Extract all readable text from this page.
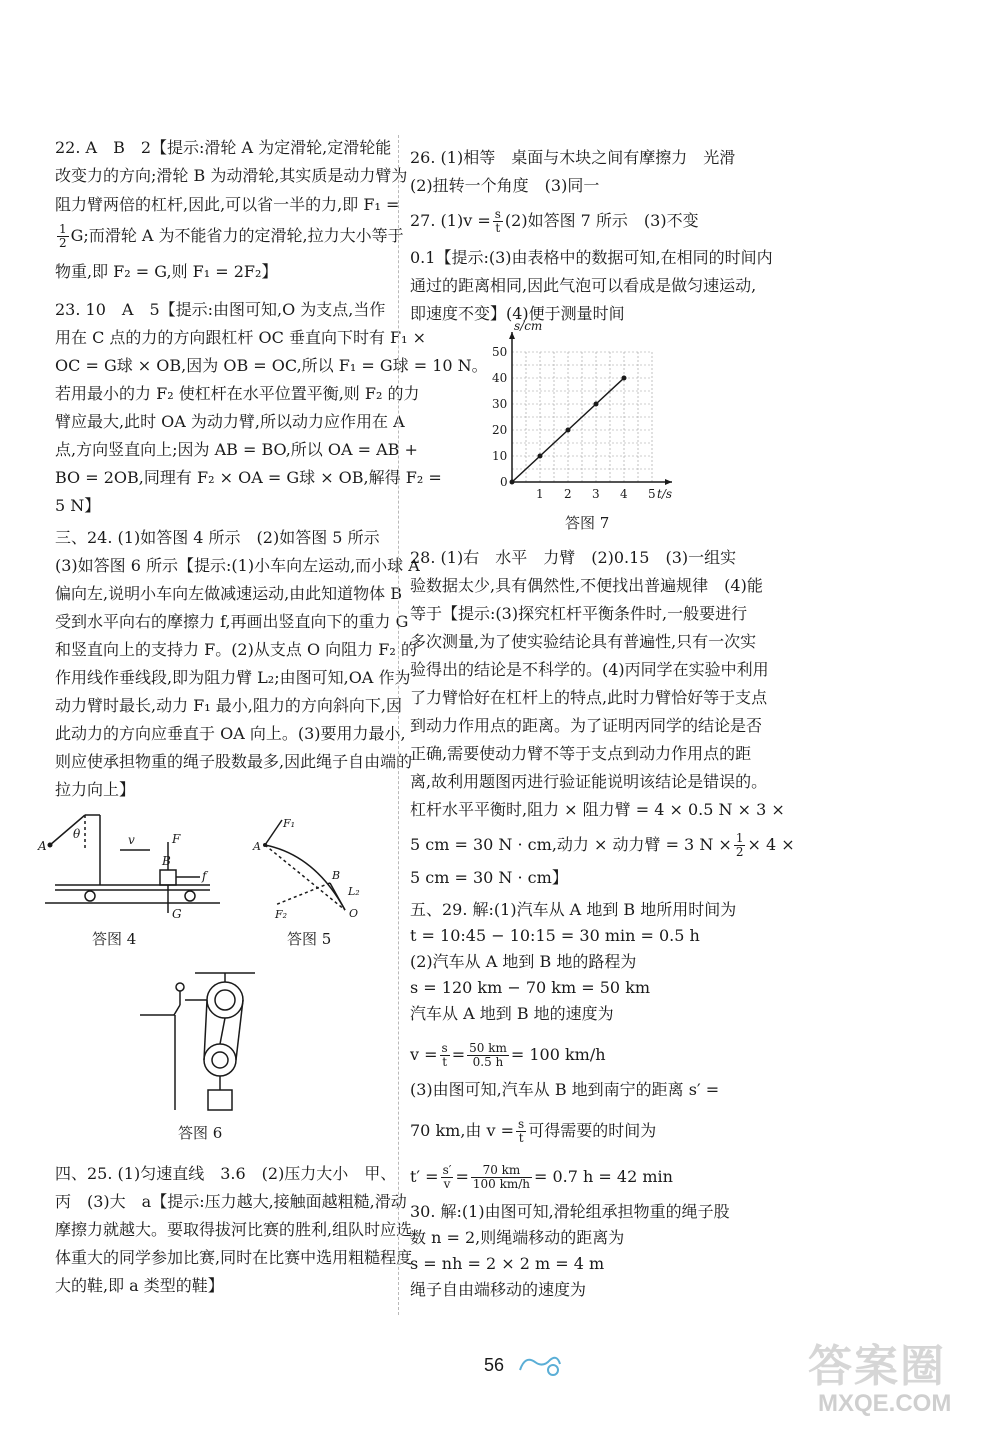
22. A　B　2【提示:滑轮 A 为定滑轮,定滑轮能
改变力的方向;滑轮 B 为动滑轮,其实质是动力臂为
阻力臂两倍的杠杆,因此,可以省一半的力,即 F₁ =
$\frac{1}{2} G$;而滑轮 A 为不能省力的定滑轮,拉力大小等于
物重,即 F₂ = G,则 F₁ = 2F₂】
23. 10　A　5【提示:由图可知,O 为支点,当作
用在 C 点的力的方向跟杠杆 OC 垂直向下时有 F₁ ×
OC = G球 × OB,因为 OB = OC,所以 F₁ = G球 = 10 N。
若用最小的力 F₂ 使杠杆在水平位置平衡,则 F₂ 的力
臂应最大,此时 OA 为动力臂,所以动力应作用在 A
点,方向竖直向上;因为 AB = BO,所以 OA = AB +
BO = 2OB,同理有 F₂ × OA = G球 × OB,解得 F₂ =
5 N】
三、24. (1)如答图 4 所示　(2)如答图 5 所示
(3)如答图 6 所示【提示:(1)小车向左运动,而小球 A
偏向左,说明小车向左做减速运动,由此知道物体 B
受到水平向右的摩擦力 f,再画出竖直向下的重力 G
和竖直向上的支持力 F。(2)从支点 O 向阻力 F₂ 的
作用线作垂线段,即为阻力臂 L₂;由图可知,OA 作为
动力臂时最长,动力 F₁ 最小,阻力的方向斜向下,因
此动力的方向应垂直于 OA 向上。(3)要用力最小,
则应使承担物重的绳子股数最多,因此绳子自由端的
拉力向上】
θ
A	v	F
B
f
G
答图 4
F₁
A
B
L₂
F₂	O
答图 5
答图 6
四、25. (1)匀速直线　3.6　(2)压力大小　甲、
丙　(3)大　a【提示:压力越大,接触面越粗糙,滑动
摩擦力就越大。要取得拔河比赛的胜利,组队时应选
体重大的同学参加比赛,同时在比赛中选用粗糙程度
大的鞋,即 a 类型的鞋】
26. (1)相等　桌面与木块之间有摩擦力　光滑
(2)扭转一个角度　(3)同一
27. $(1)v = \frac{s}{t} (2)$如答图 7 所示　(3)不变
0.1【提示:(3)由表格中的数据可知,在相同的时间内
通过的距离相同,因此气泡可以看成是做匀速运动,
即速度不变】(4)便于测量时间
1 2 3 4 5
10
20
30
40
50
0
t/s
s/cm
答图 7
28. (1)右　水平　力臂　(2)0.15　(3)一组实
验数据太少,具有偶然性,不便找出普遍规律　(4)能
等于【提示:(3)探究杠杆平衡条件时,一般要进行
多次测量,为了使实验结论具有普遍性,只有一次实
验得出的结论是不科学的。(4)丙同学在实验中利用
了力臂恰好在杠杆上的特点,此时力臂恰好等于支点
到动力作用点的距离。为了证明丙同学的结论是否
正确,需要使动力臂不等于支点到动力作用点的距
离,故利用题图丙进行验证能说明该结论是错误的。
杠杆水平平衡时,阻力 × 阻力臂 = 4 × 0.5 N × 3 ×
5 cm = 30 N · cm,动力 × 动力臂 = 3 $N \times \frac{1}{2} \times 4$ ×
5 cm = 30 N · cm】
五、29. 解:(1)汽车从 A 地到 B 地所用时间为
t = 10:45 − 10:15 = 30 min = 0.5 h
(2)汽车从 A 地到 B 地的路程为
s = 120 km − 70 km = 50 km
汽车从 A 地到 B 地的速度为
$v = \frac{s}{t} = \frac{50 km}{0.5 h} = 100$ km/h
(3)由图可知,汽车从 B 地到南宁的距离 s′ =
70 km,由 $v = \frac{s}{t}$ 可得需要的时间为
$t' = \frac{s'}{v} = \frac{70 km}{100 km/h} = 0.7$ h = 42 min
30. 解:(1)由图可知,滑轮组承担物重的绳子股
数 n = 2,则绳端移动的距离为
s = nh = 2 × 2 m = 4 m
绳子自由端移动的速度为
56	答案圈
MXQE.COM
